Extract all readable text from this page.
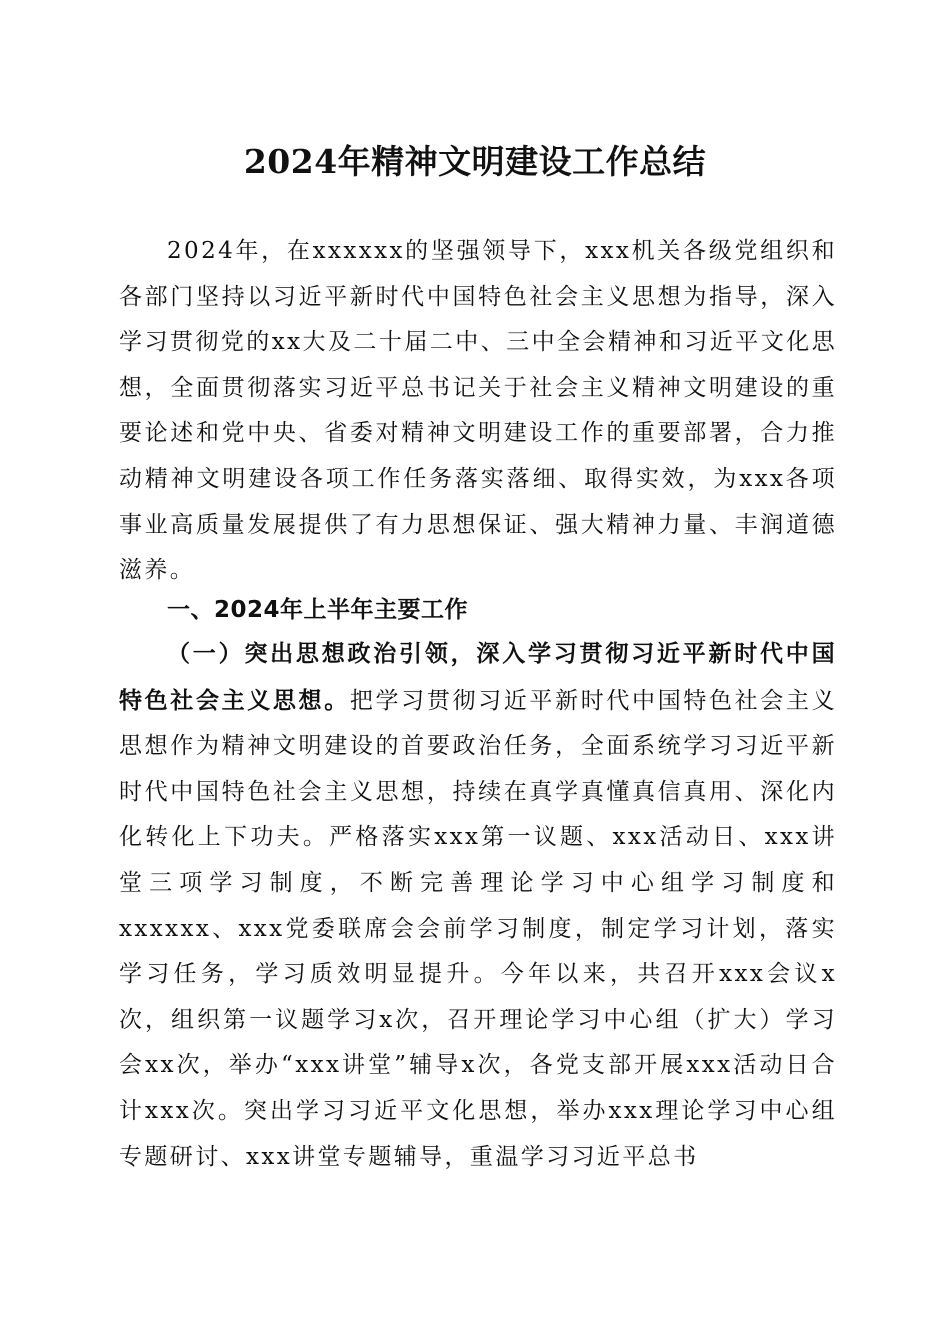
2024年精神文明建设工作总结

2024年，在xxxxxx的坚强领导下，xxx机关各级党组织和各部门坚持以习近平新时代中国特色社会主义思想为指导，深入学习贯彻党的xx大及二十届二中、三中全会精神和习近平文化思想，全面贯彻落实习近平总书记关于社会主义精神文明建设的重要论述和党中央、省委对精神文明建设工作的重要部署，合力推动精神文明建设各项工作任务落实落细、取得实效，为xxx各项事业高质量发展提供了有力思想保证、强大精神力量、丰润道德滋养。

一、2024年上半年主要工作

（一）突出思想政治引领，深入学习贯彻习近平新时代中国特色社会主义思想。把学习贯彻习近平新时代中国特色社会主义思想作为精神文明建设的首要政治任务，全面系统学习习近平新时代中国特色社会主义思想，持续在真学真懂真信真用、深化内化转化上下功夫。严格落实xxx第一议题、xxx活动日、xxx讲堂三项学习制度，不断完善理论学习中心组学习制度和xxxxxx、xxx党委联席会会前学习制度，制定学习计划，落实学习任务，学习质效明显提升。今年以来，共召开xxx会议x次，组织第一议题学习x次，召开理论学习中心组（扩大）学习会xx次，举办“xxx讲堂”辅导x次，各党支部开展xxx活动日合计xxx次。突出学习习近平文化思想，举办xxx理论学习中心组专题研讨、xxx讲堂专题辅导，重温学习习近平总书
